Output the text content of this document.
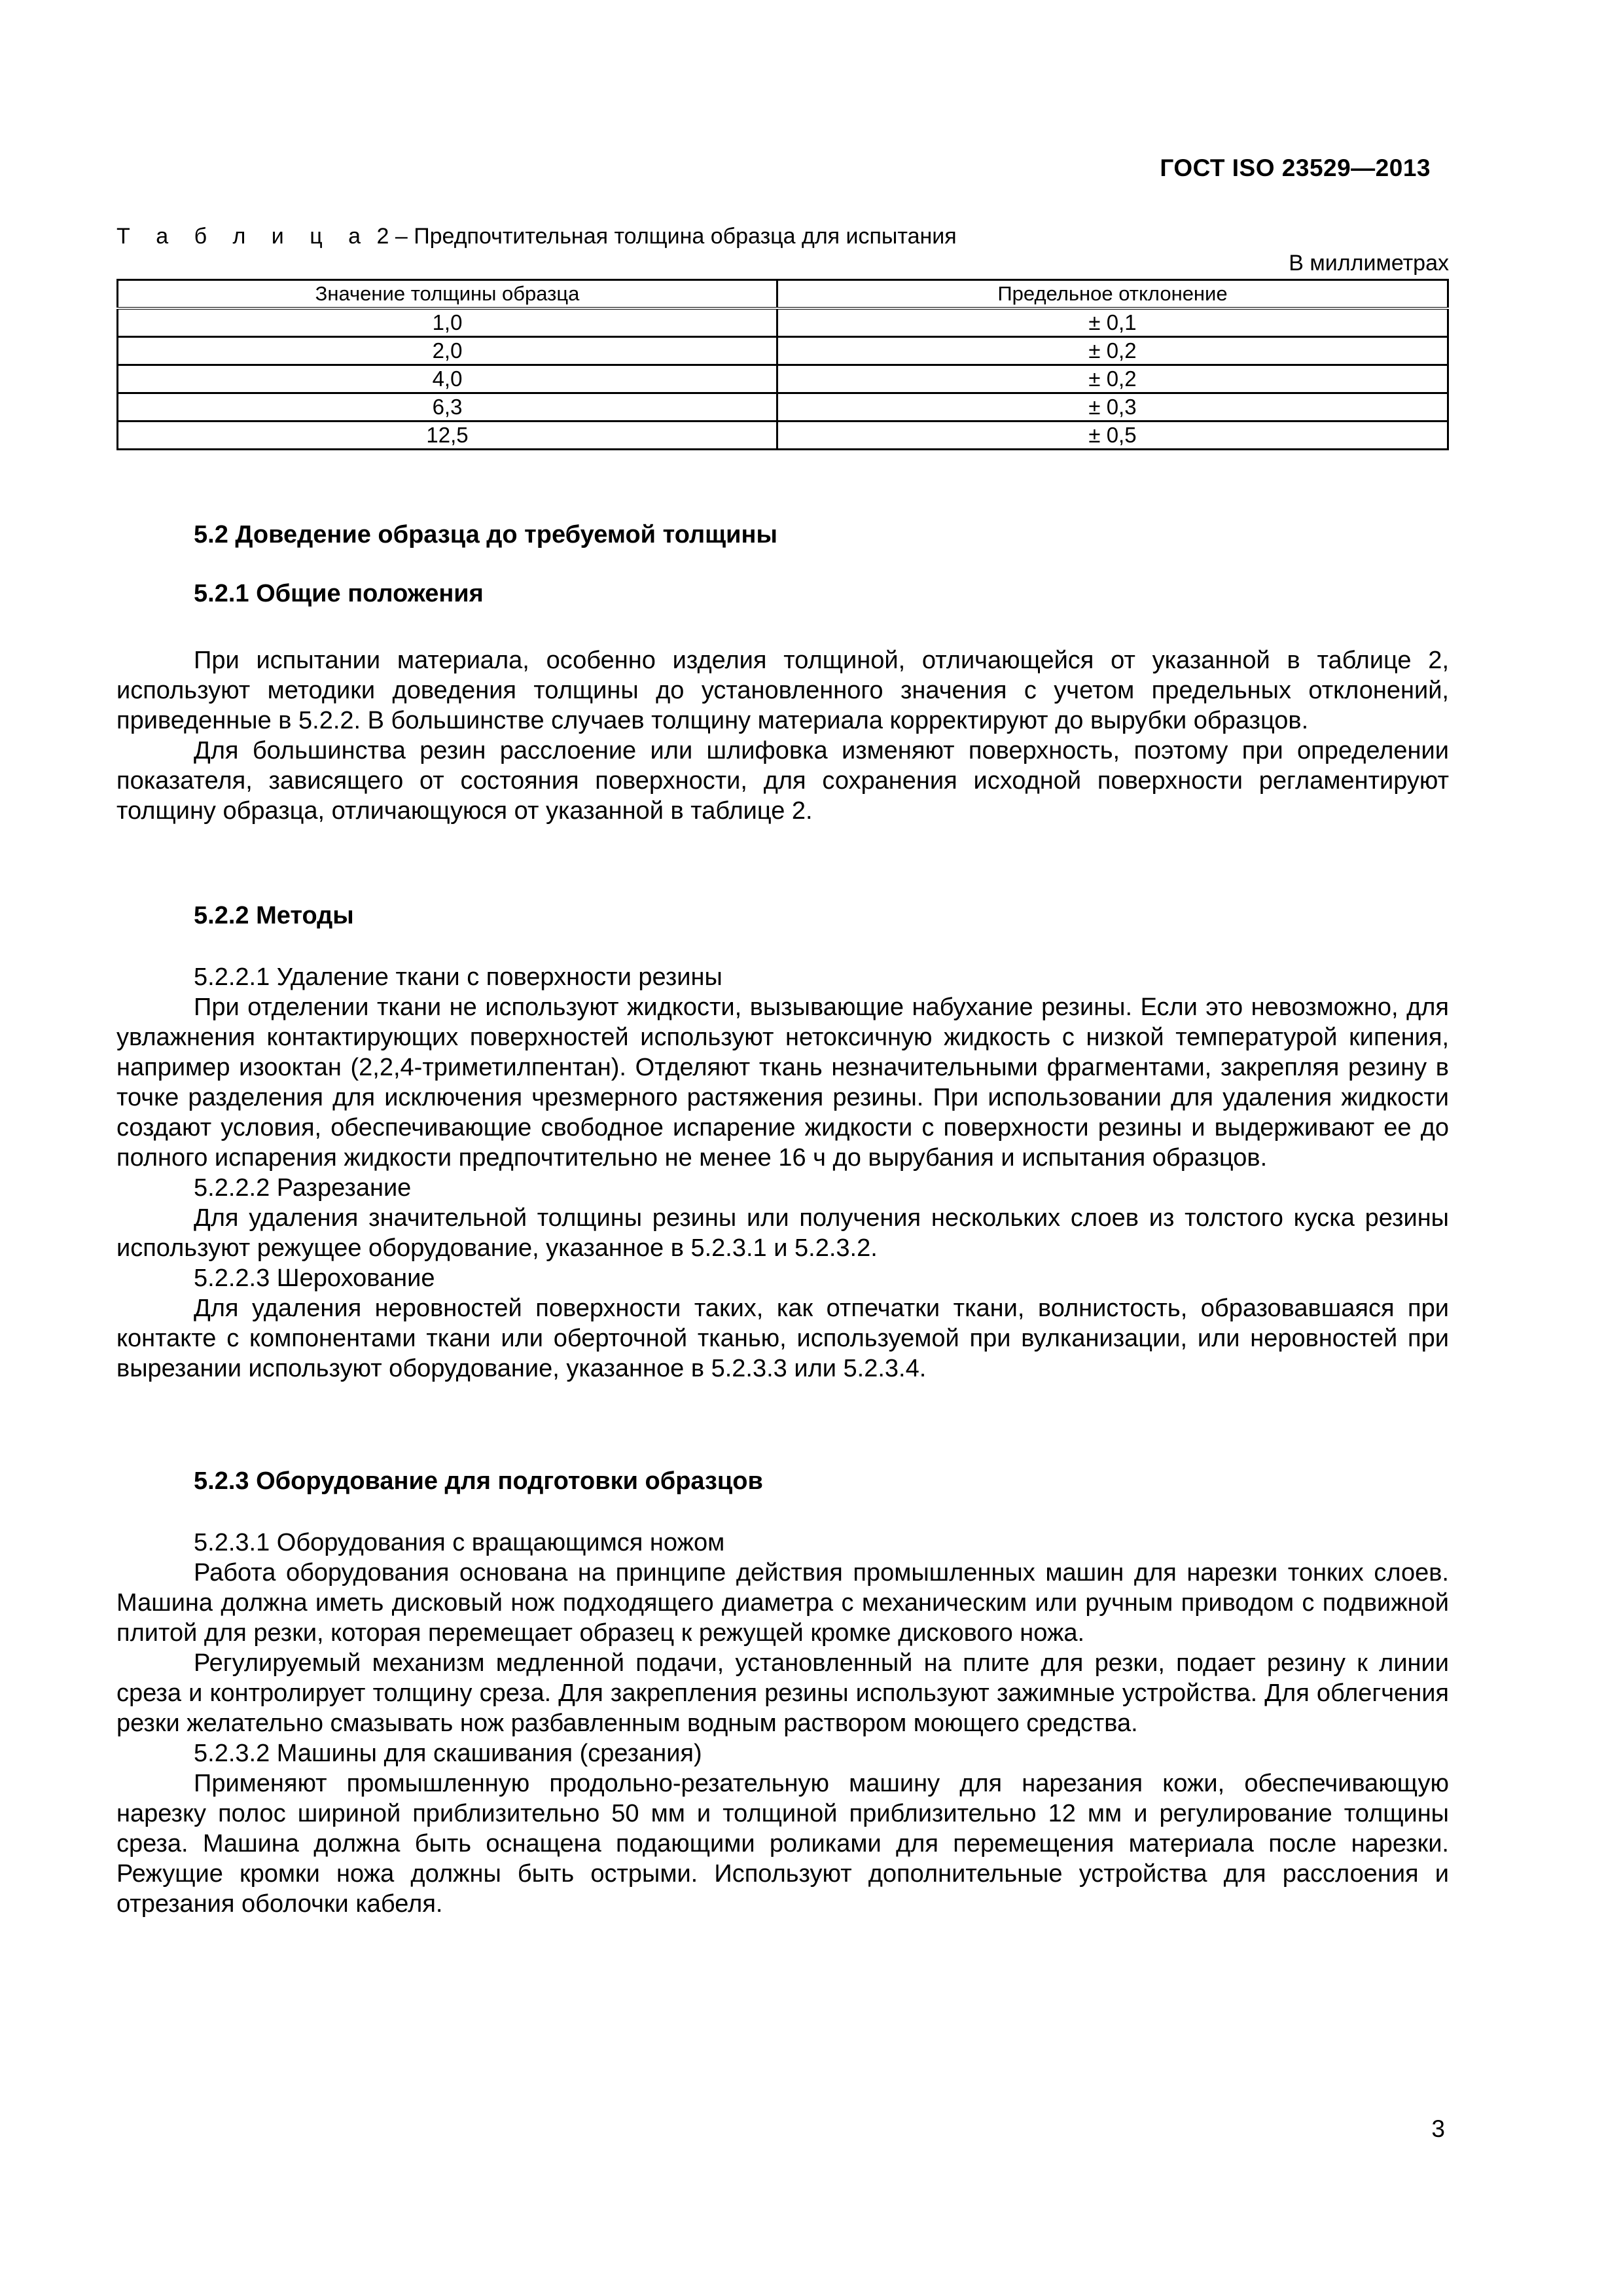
ГОСТ ISO 23529—2013
Т а б л и ц а 2 – Предпочтительная толщина образца для испытания
В миллиметрах
Значение толщины образца	Предельное отклонение
1,0	± 0,1
2,0	± 0,2
4,0	± 0,2
6,3	± 0,3
12,5	± 0,5
5.2 Доведение образца до требуемой толщины
5.2.1 Общие положения

При испытании материала, особенно изделия толщиной, отличающейся от указанной в таблице 2, используют методики доведения толщины до установленного значения с учетом предельных отклонений, приведенные в 5.2.2. В большинстве случаев толщину материала корректируют до вырубки образцов.

Для большинства резин расслоение или шлифовка изменяют поверхность, поэтому при определении показателя, зависящего от состояния поверхности, для сохранения исходной поверхности регламентируют толщину образца, отличающуюся от указанной в таблице 2.

5.2.2 Методы

5.2.2.1 Удаление ткани с поверхности резины

При отделении ткани не используют жидкости, вызывающие набухание резины. Если это невозможно, для увлажнения контактирующих поверхностей используют нетоксичную жидкость с низкой температурой кипения, например изооктан (2,2,4-триметилпентан). Отделяют ткань незначительными фрагментами, закрепляя резину в точке разделения для исключения чрезмерного растяжения резины. При использовании для удаления жидкости создают условия, обеспечивающие свободное испарение жидкости с поверхности резины и выдерживают ее до полного испарения жидкости предпочтительно не менее 16 ч до вырубания и испытания образцов.

5.2.2.2 Разрезание

Для удаления значительной толщины резины или получения нескольких слоев из толстого куска резины используют режущее оборудование, указанное в 5.2.3.1 и 5.2.3.2.

5.2.2.3 Шерохование

Для удаления неровностей поверхности таких, как отпечатки ткани, волнистость, образовавшаяся при контакте с компонентами ткани или оберточной тканью, используемой при вулканизации, или неровностей при вырезании используют оборудование, указанное в 5.2.3.3 или 5.2.3.4.

5.2.3 Оборудование для подготовки образцов

5.2.3.1 Оборудования с вращающимся ножом

Работа оборудования основана на принципе действия промышленных машин для нарезки тонких слоев. Машина должна иметь дисковый нож подходящего диаметра с механическим или ручным приводом с подвижной плитой для резки, которая перемещает образец к режущей кромке дискового ножа.

Регулируемый механизм медленной подачи, установленный на плите для резки, подает резину к линии среза и контролирует толщину среза. Для закрепления резины используют зажимные устройства. Для облегчения резки желательно смазывать нож разбавленным водным раствором моющего средства.

5.2.3.2 Машины для скашивания (срезания)

Применяют промышленную продольно-резательную машину для нарезания кожи, обеспечивающую нарезку полос шириной приблизительно 50 мм и толщиной приблизительно 12 мм и регулирование толщины среза. Машина должна быть оснащена подающими роликами для перемещения материала после нарезки. Режущие кромки ножа должны быть острыми. Используют дополнительные устройства для расслоения и отрезания оболочки кабеля.

3
